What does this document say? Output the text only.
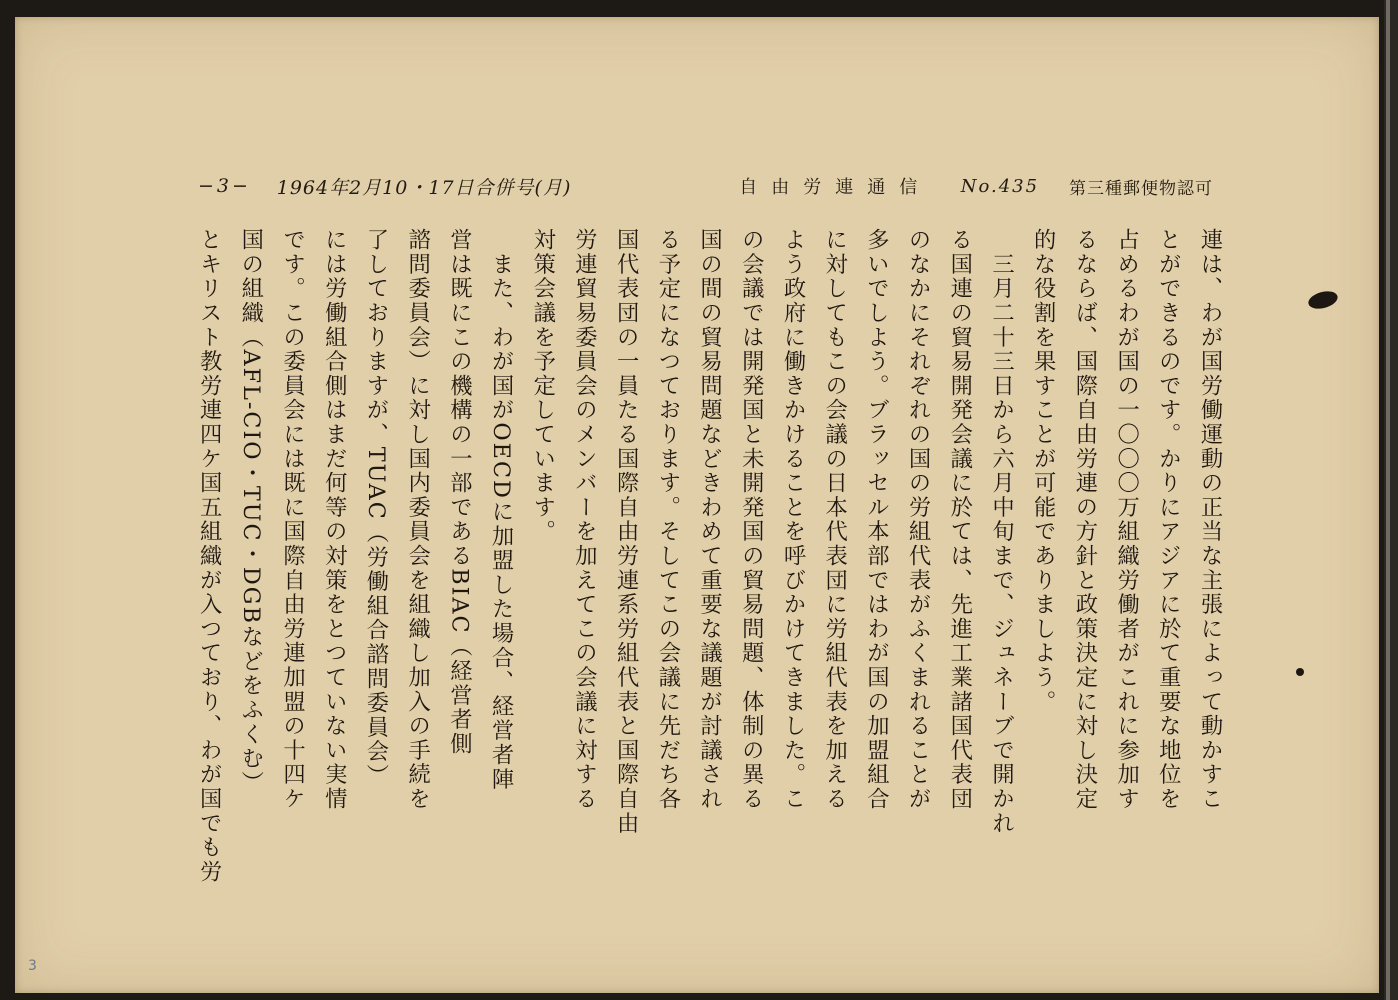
−3−	1964年2月10・17日合併号(月)	自由労連通信	No.435	第三種郵便物認可
連は、わが国労働運動の正当な主張によって動かすこ
とができるのです。かりにアジアに於て重要な地位を
占めるわが国の一〇〇〇万組織労働者がこれに参加す
るならば、国際自由労連の方針と政策決定に対し決定
的な役割を果すことが可能でありましよう。
　三月二十三日から六月中旬まで、ジュネーブで開かれ
る国連の貿易開発会議に於ては、先進工業諸国代表団
のなかにそれぞれの国の労組代表がふくまれることが
多いでしよう。ブラッセル本部ではわが国の加盟組合
に対してもこの会議の日本代表団に労組代表を加える
よう政府に働きかけることを呼びかけてきました。こ
の会議では開発国と未開発国の貿易問題、体制の異る
国の間の貿易問題などきわめて重要な議題が討議され
る予定になつております。そしてこの会議に先だち各
国代表団の一員たる国際自由労連系労組代表と国際自由
労連貿易委員会のメンバーを加えてこの会議に対する
対策会議を予定しています。
　また、わが国がOECDに加盟した場合、経営者陣
営は既にこの機構の一部であるBIAC（経営者側
諮問委員会）に対し国内委員会を組織し加入の手続を
了しておりますが、TUAC（労働組合諮問委員会）
には労働組合側はまだ何等の対策をとつていない実情
です。この委員会には既に国際自由労連加盟の十四ケ
国の組織（AFL-CIO・TUC・DGBなどをふくむ）
とキリスト教労連四ケ国五組織が入つており、わが国でも労
3
